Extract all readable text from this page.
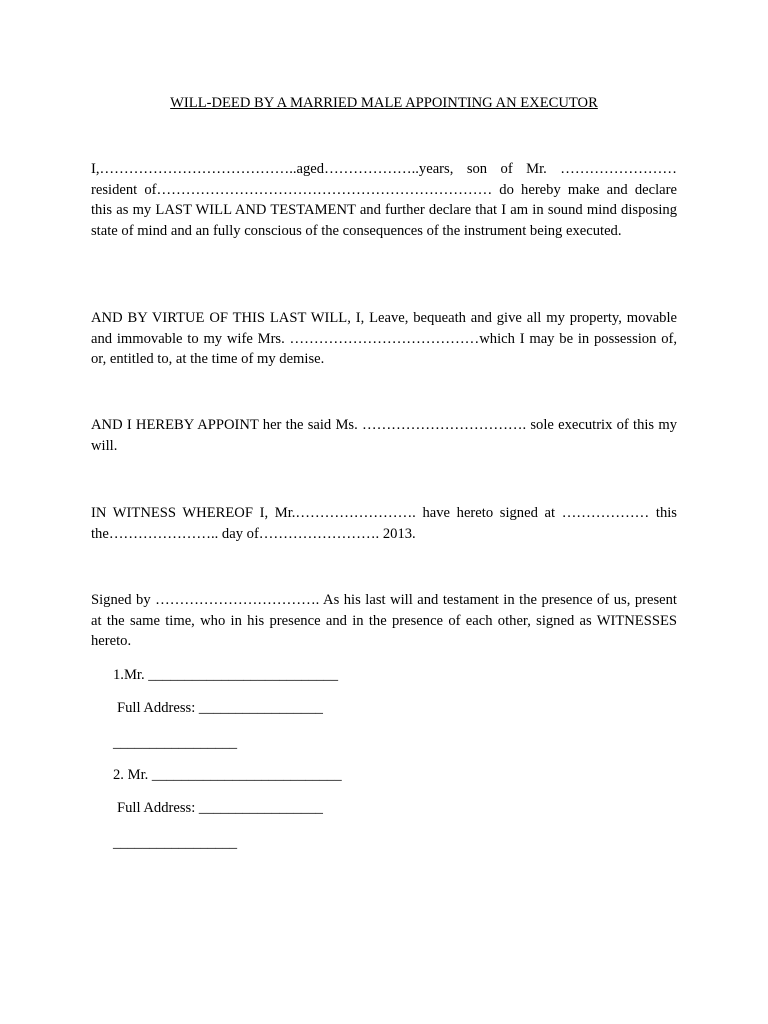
WILL-DEED BY A MARRIED MALE APPOINTING AN EXECUTOR

I,…………………………………..aged………………..years, son of Mr. …………………… resident of…………………………………………………………… do hereby make and declare this as my LAST WILL AND TESTAMENT and further declare that I am in sound mind disposing state of mind and an fully conscious of the consequences of the instrument being executed.

AND BY VIRTUE OF THIS LAST WILL, I, Leave, bequeath and give all my property, movable and immovable to my wife Mrs. …………………………………which I may be in possession of, or, entitled to, at the time of my demise.

AND I HEREBY APPOINT her the said Ms. ……………………………. sole executrix of this my will.

IN WITNESS WHEREOF I, Mr.……………………. have hereto signed at ……………… this the………………….. day of……………………. 2013.

Signed by ……………………………. As his last will and testament in the presence of us, present at the same time, who in his presence and in the presence of each other, signed as WITNESSES hereto.

1.Mr. __________________________

Full Address: _________________

_________________

2. Mr. __________________________

Full Address: _________________

_________________
